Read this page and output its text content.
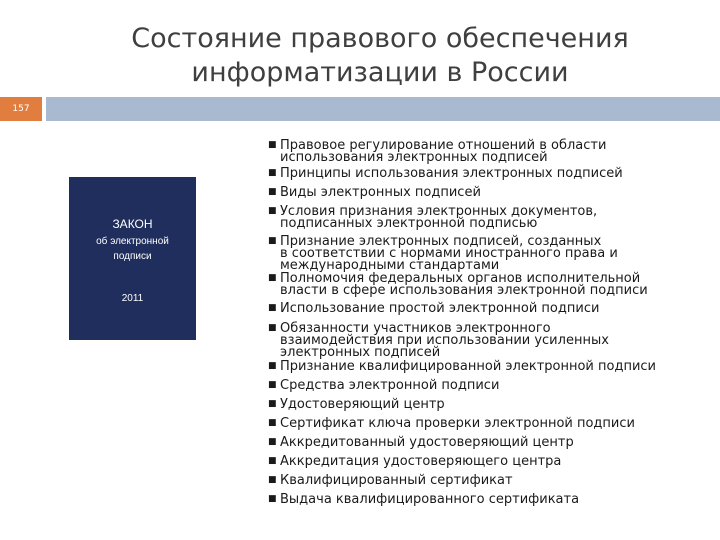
Состояние правового обеспечения
информатизации в России
157
ЗАКОН
об электронной
подписи
2011
■ Правовое регулирование отношений в области
использования электронных подписей
■ Принципы использования электронных подписей
■ Виды электронных подписей
■ Условия признания электронных документов,
подписанных электронной подписью
■ Признание электронных подписей, созданных
в соответствии с нормами иностранного права и
международными стандартами
■ Полномочия федеральных органов исполнительной
власти в сфере использования электронной подписи
■ Использование простой электронной подписи
■ Обязанности участников электронного
взаимодействия при использовании усиленных
электронных подписей
■ Признание квалифицированной электронной подписи
■ Средства электронной подписи
■ Удостоверяющий центр
■ Сертификат ключа проверки электронной подписи
■ Аккредитованный удостоверяющий центр
■ Аккредитация удостоверяющего центра
■ Квалифицированный сертификат
■ Выдача квалифицированного сертификата
